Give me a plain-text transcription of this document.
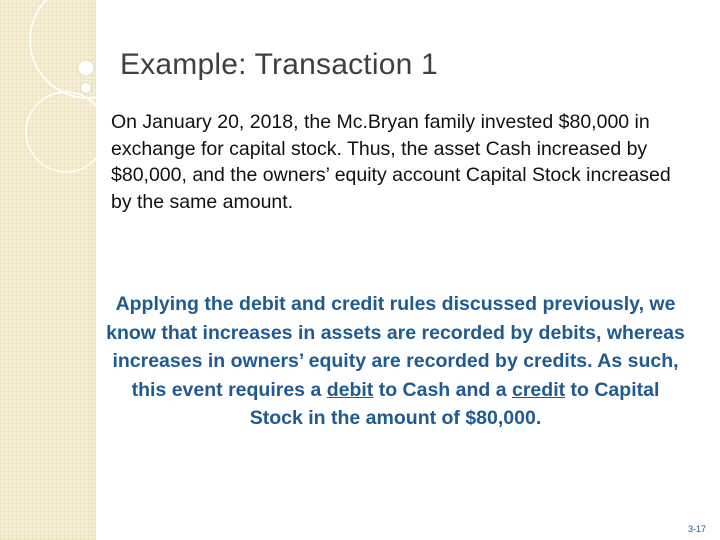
Example: Transaction 1

On January 20, 2018, the Mc.Bryan family invested $80,000 in exchange for capital stock. Thus, the asset Cash increased by $80,000, and the owners’ equity account Capital Stock increased by the same amount.

Applying the debit and credit rules discussed previously, we know that increases in assets are recorded by debits, whereas increases in owners’ equity are recorded by credits. As such, this event requires a debit to Cash and a credit to Capital Stock in the amount of $80,000.

3-17
